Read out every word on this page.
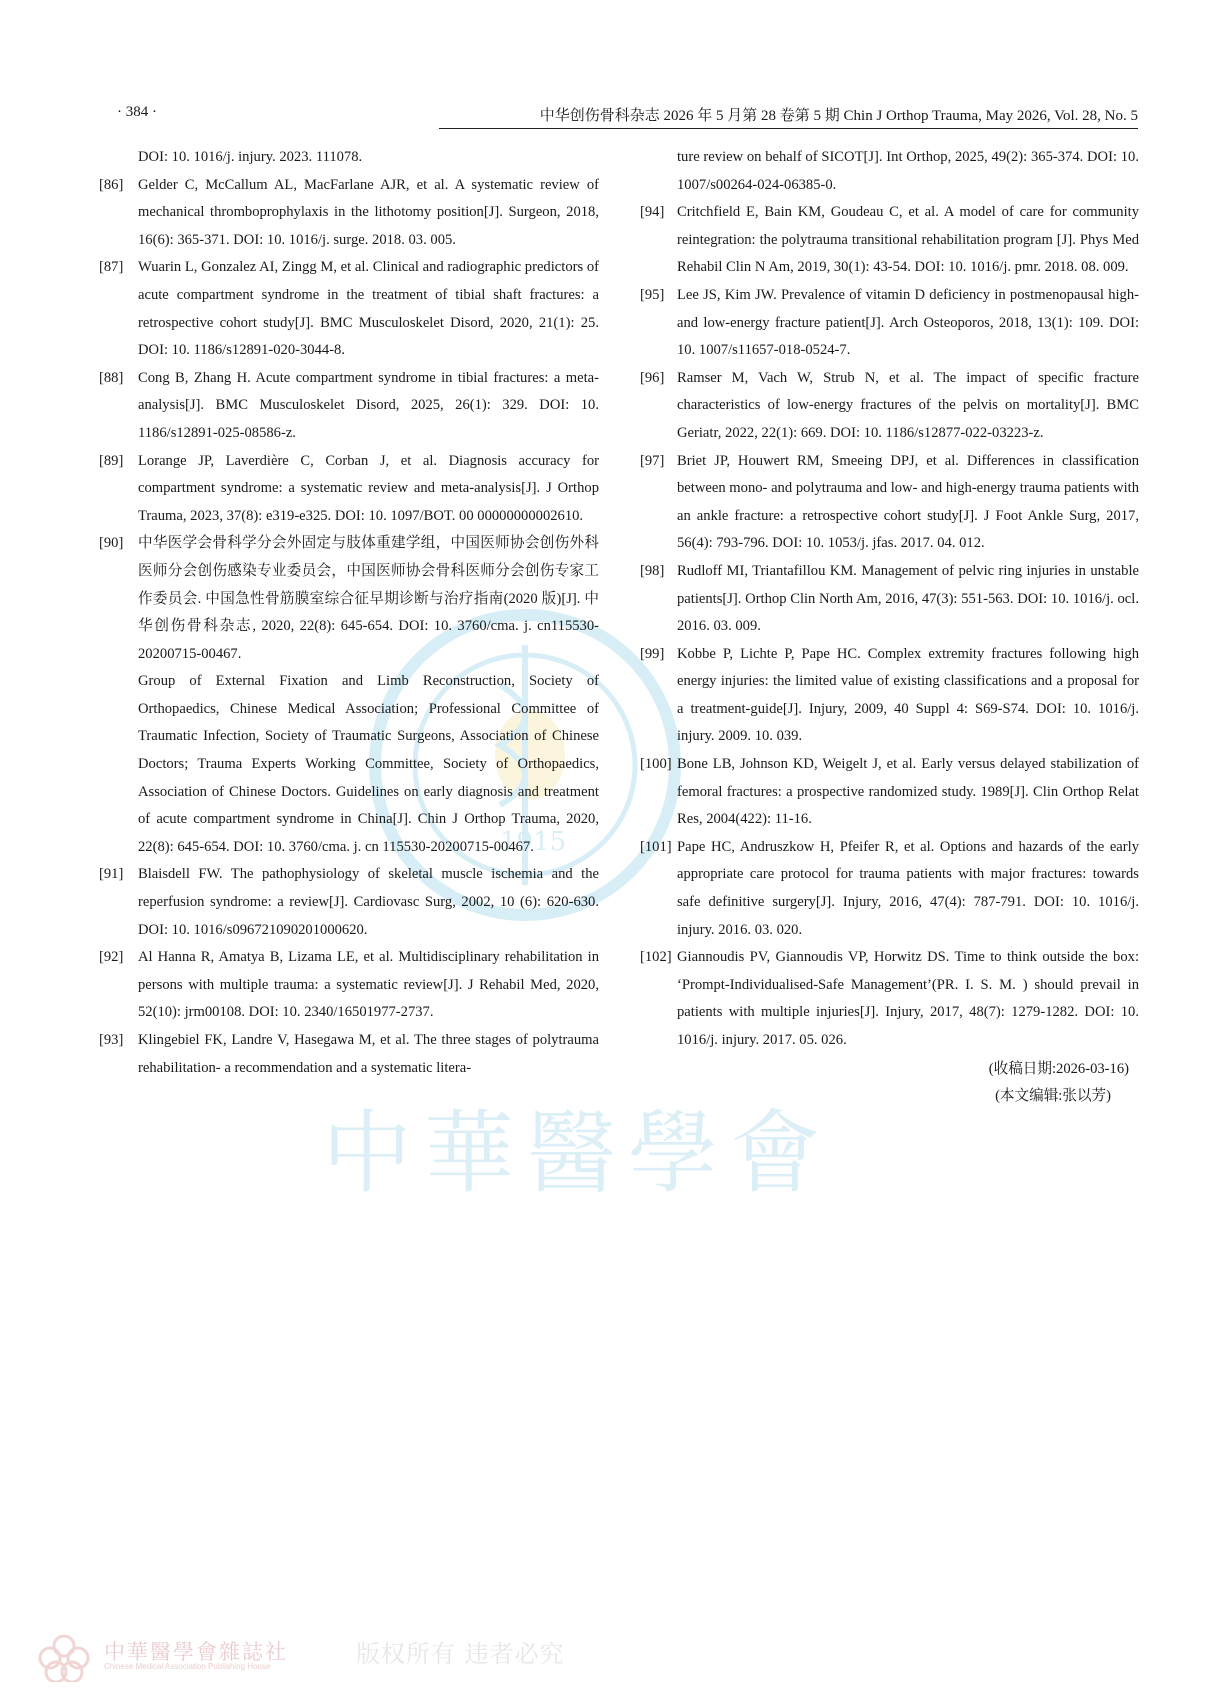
· 384 ·	中华创伤骨科杂志 2026 年 5 月第 28 卷第 5 期 Chin J Orthop Trauma, May 2026, Vol. 28, No. 5
1915
中華醫學會
DOI: 10. 1016/j. injury. 2023. 111078.
[86] Gelder C, McCallum AL, MacFarlane AJR, et al. A systematic review of mechanical thromboprophylaxis in the lithotomy position[J]. Surgeon, 2018, 16(6): 365-371. DOI: 10. 1016/j. surge. 2018. 03. 005.
[87] Wuarin L, Gonzalez AI, Zingg M, et al. Clinical and radiographic predictors of acute compartment syndrome in the treatment of tibial shaft fractures: a retrospective cohort study[J]. BMC Musculoskelet Disord, 2020, 21(1): 25. DOI: 10. 1186/s12891-020-3044-8.
[88] Cong B, Zhang H. Acute compartment syndrome in tibial fractures: a meta-analysis[J]. BMC Musculoskelet Disord, 2025, 26(1): 329. DOI: 10. 1186/s12891-025-08586-z.
[89] Lorange JP, Laverdière C, Corban J, et al. Diagnosis accuracy for compartment syndrome: a systematic review and meta-analysis[J]. J Orthop Trauma, 2023, 37(8): e319-e325. DOI: 10. 1097/BOT. 00 00000000002610.
[90] 中华医学会骨科学分会外固定与肢体重建学组，中国医师协会创伤外科医师分会创伤感染专业委员会，中国医师协会骨科医师分会创伤专家工作委员会. 中国急性骨筋膜室综合征早期诊断与治疗指南(2020 版)[J]. 中华创伤骨科杂志, 2020, 22(8): 645-654. DOI: 10. 3760/cma. j. cn115530-20200715-00467.
Group of External Fixation and Limb Reconstruction, Society of Orthopaedics, Chinese Medical Association; Professional Committee of Traumatic Infection, Society of Traumatic Surgeons, Association of Chinese Doctors; Trauma Experts Working Committee, Society of Orthopaedics, Association of Chinese Doctors. Guidelines on early diagnosis and treatment of acute compartment syndrome in China[J]. Chin J Orthop Trauma, 2020, 22(8): 645-654. DOI: 10. 3760/cma. j. cn 115530-20200715-00467.
[91] Blaisdell FW. The pathophysiology of skeletal muscle ischemia and the reperfusion syndrome: a review[J]. Cardiovasc Surg, 2002, 10 (6): 620-630. DOI: 10. 1016/s096721090201000620.
[92] Al Hanna R, Amatya B, Lizama LE, et al. Multidisciplinary rehabilitation in persons with multiple trauma: a systematic review[J]. J Rehabil Med, 2020, 52(10): jrm00108. DOI: 10. 2340/16501977-2737.
[93] Klingebiel FK, Landre V, Hasegawa M, et al. The three stages of polytrauma rehabilitation- a recommendation and a systematic litera-
ture review on behalf of SICOT[J]. Int Orthop, 2025, 49(2): 365-374. DOI: 10. 1007/s00264-024-06385-0.
[94] Critchfield E, Bain KM, Goudeau C, et al. A model of care for community reintegration: the polytrauma transitional rehabilitation program [J]. Phys Med Rehabil Clin N Am, 2019, 30(1): 43-54. DOI: 10. 1016/j. pmr. 2018. 08. 009.
[95] Lee JS, Kim JW. Prevalence of vitamin D deficiency in postmenopausal high- and low-energy fracture patient[J]. Arch Osteoporos, 2018, 13(1): 109. DOI: 10. 1007/s11657-018-0524-7.
[96] Ramser M, Vach W, Strub N, et al. The impact of specific fracture characteristics of low-energy fractures of the pelvis on mortality[J]. BMC Geriatr, 2022, 22(1): 669. DOI: 10. 1186/s12877-022-03223-z.
[97] Briet JP, Houwert RM, Smeeing DPJ, et al. Differences in classification between mono- and polytrauma and low- and high-energy trauma patients with an ankle fracture: a retrospective cohort study[J]. J Foot Ankle Surg, 2017, 56(4): 793-796. DOI: 10. 1053/j. jfas. 2017. 04. 012.
[98] Rudloff MI, Triantafillou KM. Management of pelvic ring injuries in unstable patients[J]. Orthop Clin North Am, 2016, 47(3): 551-563. DOI: 10. 1016/j. ocl. 2016. 03. 009.
[99] Kobbe P, Lichte P, Pape HC. Complex extremity fractures following high energy injuries: the limited value of existing classifications and a proposal for a treatment-guide[J]. Injury, 2009, 40 Suppl 4: S69-S74. DOI: 10. 1016/j. injury. 2009. 10. 039.
[100] Bone LB, Johnson KD, Weigelt J, et al. Early versus delayed stabilization of femoral fractures: a prospective randomized study. 1989[J]. Clin Orthop Relat Res, 2004(422): 11-16.
[101] Pape HC, Andruszkow H, Pfeifer R, et al. Options and hazards of the early appropriate care protocol for trauma patients with major fractures: towards safe definitive surgery[J]. Injury, 2016, 47(4): 787-791. DOI: 10. 1016/j. injury. 2016. 03. 020.
[102] Giannoudis PV, Giannoudis VP, Horwitz DS. Time to think outside the box: ‘Prompt-Individualised-Safe Management’(PR. I. S. M. ) should prevail in patients with multiple injuries[J]. Injury, 2017, 48(7): 1279-1282. DOI: 10. 1016/j. injury. 2017. 05. 026.
(收稿日期:2026-03-16)
(本文编辑:张以芳)
中華醫學會雜誌社
Chinese Medical Association Publishing House	版权所有 违者必究
